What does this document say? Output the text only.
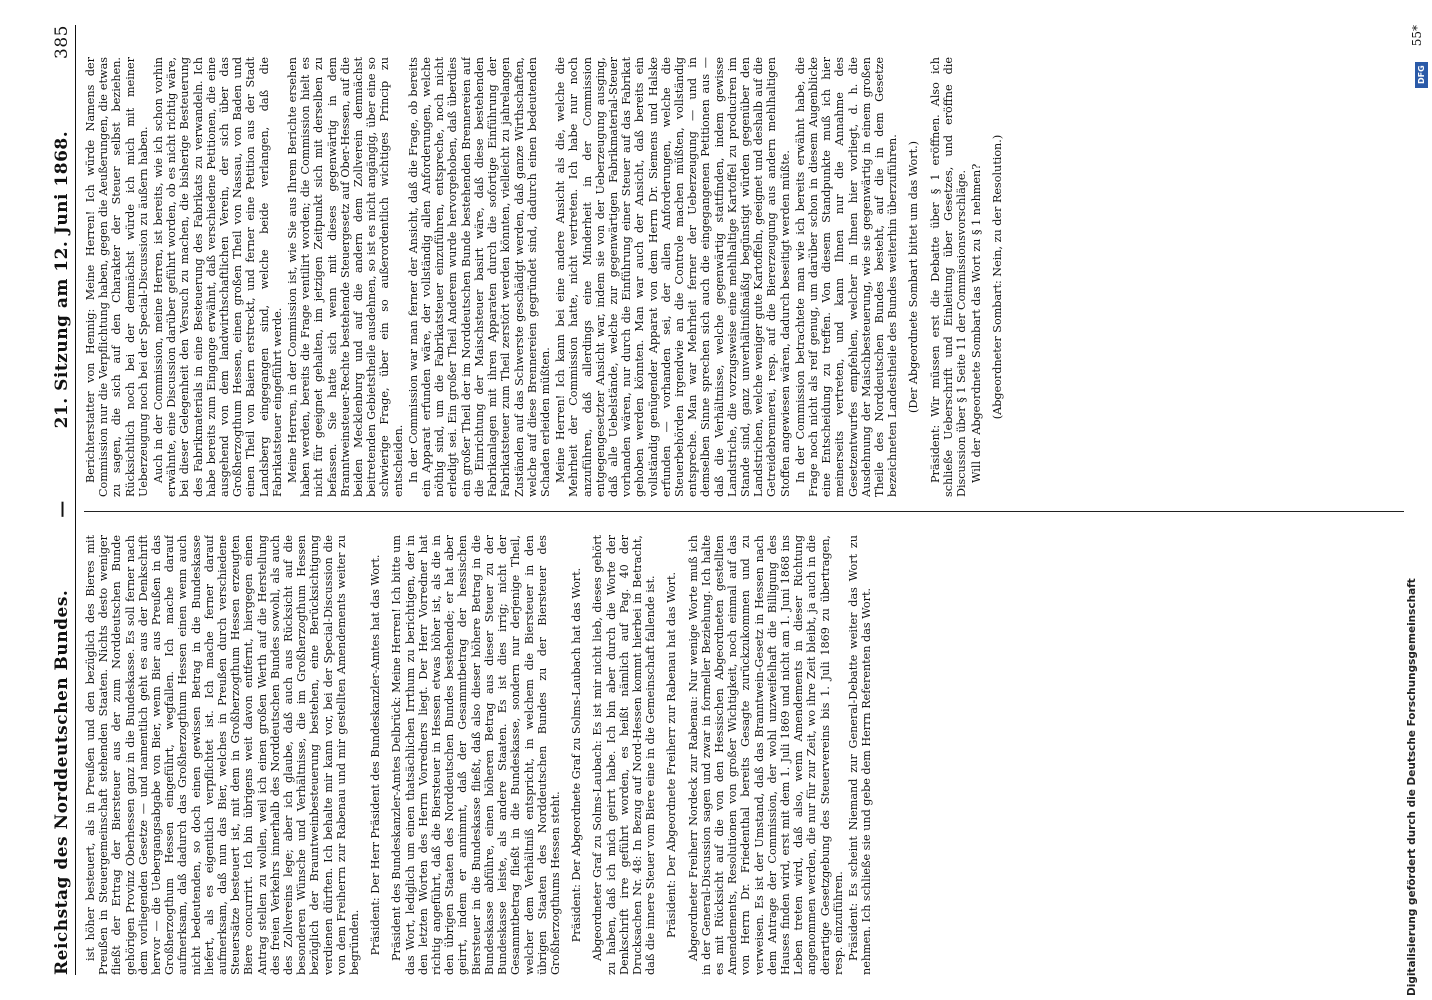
Reichstag des Norddeutschen Bundes.
—
21. Sitzung am 12. Juni 1868.
385

ist höher besteuert, als in Preußen und den bezüglich des Bieres mit Preußen in Steuergemeinschaft stehenden Staaten. Nichts desto weniger fließt der Ertrag der Biersteuer aus der zum Norddeutschen Bunde gehörigen Provinz Oberhessen ganz in die Bundeskasse. Es soll ferner nach dem vorliegenden Gesetze — und namentlich geht es aus der Denkschrift hervor — die Uebergangsabgabe von Bier, wenn Bier aus Preußen in das Großherzogthum Hessen eingeführt, wegfallen. Ich mache darauf aufmerksam, daß dadurch das Großherzogthum Hessen einen wenn auch nicht bedeutenden, so doch einen gewissen Betrag in die Bundeskasse liefert, als es eigentlich verpflichtet ist. Ich mache ferner darauf aufmerksam, daß nun das Bier, welches in Preußen durch verschiedene Steuersätze besteuert ist, mit dem in Großherzogthum Hessen erzeugten Biere concurrirt. Ich bin übrigens weit davon entfernt, hiergegen einen Antrag stellen zu wollen, weil ich einen großen Werth auf die Herstellung des freien Verkehrs innerhalb des Norddeutschen Bundes sowohl, als auch des Zollvereins lege; aber ich glaube, daß auch aus Rücksicht auf die besonderen Wünsche und Verhältnisse, die im Großherzogthum Hessen bezüglich der Brauntweinbesteuerung bestehen, eine Berücksichtigung verdienen dürften. Ich behalte mir kann vor, bei der Special-Discussion die von dem Freiherrn zur Rabenau und mir gestellten Amendements weiter zu begründen. Präsident: Der Herr Präsident des Bundeskanzler-Amtes hat das Wort. Präsident des Bundeskanzler-Amtes Delbrück: Meine Herren! Ich bitte um das Wort, lediglich um einen thatsächlichen Irrthum zu berichtigen, der in den letzten Worten des Herrn Vorredners liegt. Der Herr Vorredner hat richtig angeführt, daß die Biersteuer in Hessen etwas höher ist, als die in den übrigen Staaten des Norddeutschen Bundes bestehende; er hat aber geirrt, indem er annimmt, daß der Gesammtbetrag der hessischen Biersteuer in die Bundeskasse fließt, daß also dieser höhere Betrag in die Bundeskasse abführe, einen höheren Betrag aus dieser Steuer zu der Bundeskasse leiste, als andere Staaten. Es ist dies irrig; nicht der Gesammtbetrag fließt in die Bundeskasse, sondern nur derjenige Theil, welcher dem Verhältniß entspricht, in welchem die Biersteuer in den übrigen Staaten des Norddeutschen Bundes zu der Biersteuer des Großherzogthums Hessen steht. Präsident: Der Abgeordnete Graf zu Solms-Laubach hat das Wort. Abgeordneter Graf zu Solms-Laubach: Es ist mir nicht lieb, dieses gehört zu haben, daß ich mich geirrt habe. Ich bin aber durch die Worte der Denkschrift irre geführt worden, es heißt nämlich auf Pag. 40 der Drucksachen Nr. 48: In Bezug auf Nord-Hessen kommt hierbei in Betracht, daß die innere Steuer vom Biere eine in die Gemeinschaft fallende ist. Präsident: Der Abgeordnete Freiherr zur Rabenau hat das Wort. Abgeordneter Freiherr Nordeck zur Rabenau: Nur wenige Worte muß ich in der General-Discussion sagen und zwar in formeller Beziehung. Ich halte es mit Rücksicht auf die von den Hessischen Abgeordneten gestellten Amendements, Resolutionen von großer Wichtigkeit, noch einmal auf das von Herrn Dr. Friedenthal bereits Gesagte zurückzukommen und zu verweisen. Es ist der Umstand, daß das Branntwein-Gesetz in Hessen nach dem Antrage der Commission, der wohl unzweifelhaft die Billigung des Hauses finden wird, erst mit dem 1. Juli 1869 und nicht am 1. Juni 1868 ins Leben treten wird, daß also, wenn Amendements in dieser Richtung angenommen werden, die nur für zur Zeit, wo ihre Zeit bleibt, ja auch in die derartige Gesetzgebung des Steuervereins bis 1. Juli 1869 zu übertragen, resp. einzuführen. Präsident: Es scheint Niemand zur General-Debatte weiter das Wort zu nehmen. Ich schließe sie und gebe dem Herrn Referenten das Wort.

Berichterstatter von Hennig: Meine Herren! Ich würde Namens der Commission nur die Verpflichtung haben, gegen die Aeußerungen, die etwas zu sagen, die sich auf den Charakter der Steuer selbst beziehen. Rücksichtlich noch bei der demnächst würde ich mich mit meiner Ueberzeugung noch bei der Special-Discussion zu äußern haben. Auch in der Commission, meine Herren, ist bereits, wie ich schon vorhin erwähnte, eine Discussion darüber geführt worden, ob es nicht richtig wäre, bei dieser Gelegenheit den Versuch zu machen, die bisherige Besteuerung des Fabrikmaterials in eine Besteuerung des Fabrikats zu verwandeln. Ich habe bereits zum Eingange erwähnt, daß verschiedene Petitionen, die eine ausgehend von dem landwirthschaftlichen Verein, der sich über das Großherzogthum Hessen, einen großen Theil von Nassau, von Baden und einen Theil von Baiern erstreckt, und ferner eine Petition aus der Stadt Landsberg eingegangen sind, welche beide verlangen, daß die Fabrikatsteuer eingeführt werde. Meine Herren, in der Commission ist, wie Sie aus Ihrem Berichte ersehen haben werden, bereits die Frage ventilirt worden; die Commission hielt es nicht für geeignet gehalten, im jetzigen Zeitpunkt sich mit derselben zu befassen. Sie hatte sich wenn mit dieses gegenwärtig in dem Branntweinsteuer-Rechte bestehende Steuergesetz auf Ober-Hessen, auf die beiden Mecklenburg und auf die andern dem Zollverein demnächst beitretenden Gebietstheile ausdehnen, so ist es nicht angängig, über eine so schwierige Frage, über ein so außerordentlich wichtiges Princip zu entscheiden. In der Commission war man ferner der Ansicht, daß die Frage, ob bereits ein Apparat erfunden wäre, der vollständig allen Anforderungen, welche nöthig sind, um die Fabrikatsteuer einzuführen, entspreche, noch nicht erledigt sei. Ein großer Theil Anderem wurde hervorgehoben, daß überdies ein großer Theil der im Norddeutschen Bunde bestehenden Brennereien auf die Einrichtung der Maischsteuer basirt wäre, daß diese bestehenden Fabrikanlagen mit ihren Apparaten durch die sofortige Einführung der Fabrikatsteuer zum Theil zerstört werden könnten, vielleicht zu jahrelangen Zuständen auf das Schwerste geschädigt werden, daß ganze Wirthschaften, welche auf diese Brennereien gegründet sind, dadurch einen bedeutenden Schaden erleiden müßten. Meine Herren! Ich kann bei eine andere Ansicht als die, welche die Mehrheit der Commission hatte, nicht vertreten. Ich habe nur noch anzuführen, daß allerdings eine Minderheit in der Commission entgegengesetzter Ansicht war, indem sie von der Ueberzeugung ausging, daß alle Uebelstände, welche zur gegenwärtigen Fabrikmaterial-Steuer vorhanden wären, nur durch die Einführung einer Steuer auf das Fabrikat gehoben werden könnten. Man war auch der Ansicht, daß bereits ein vollständig genügender Apparat von dem Herrn Dr. Siemens und Halske erfunden — vorhanden sei, der allen Anforderungen, welche die Steuerbehörden irgendwie an die Controle machen müßten, vollständig entspreche. Man war Mehrheit ferner der Ueberzeugung — und in demselben Sinne sprechen sich auch die eingegangenen Petitionen aus — daß die Verhältnisse, welche gegenwärtig stattfinden, indem gewisse Landstriche, die vorzugsweise eine mehlhaltige Kartoffel zu produciren im Stande sind, ganz unverhältnißmäßig begünstigt würden gegenüber den Landstrichen, welche weniger gute Kartoffeln, geeignet und deshalb auf die Getreidebrennerei, resp. auf die Biererzeugung aus andern mehlhaltigen Stoffen angewiesen wären, dadurch beseitigt werden müßte. In der Commission betrachtete man wie ich bereits erwähnt habe, die Frage noch nicht als reif genug, um darüber schon in diesem Augenblicke eine Entscheidung zu treffen. Von diesem Standpunkte muß ich hier meinerseits vertreten, und kann Ihnen nur die Annahme des Gesetzentwurfes empfehlen, welcher in Ihnen hier vorliegt, d. h. die Ausdehnung der Maischbesteuerung, wie sie gegenwärtig in einem großen Theile des Norddeutschen Bundes besteht, auf die in dem Gesetze bezeichneten Landestheile des Bundes weiterhin überzuführen. (Der Abgeordnete Sombart bittet um das Wort.) Präsident: Wir müssen erst die Debatte über § 1 eröffnen. Also ich schließe Ueberschrift und Einleitung über Gesetzes, und eröffne die Discussion über § 1 Seite 11 der Commissionsvorschläge. Will der Abgeordnete Sombart das Wort zu § 1 nehmen? (Abgeordneter Sombart: Nein, zu der Resolution.)

55*
Digitalisierung gefördert durch die Deutsche Forschungsgemeinschaft
DFG
